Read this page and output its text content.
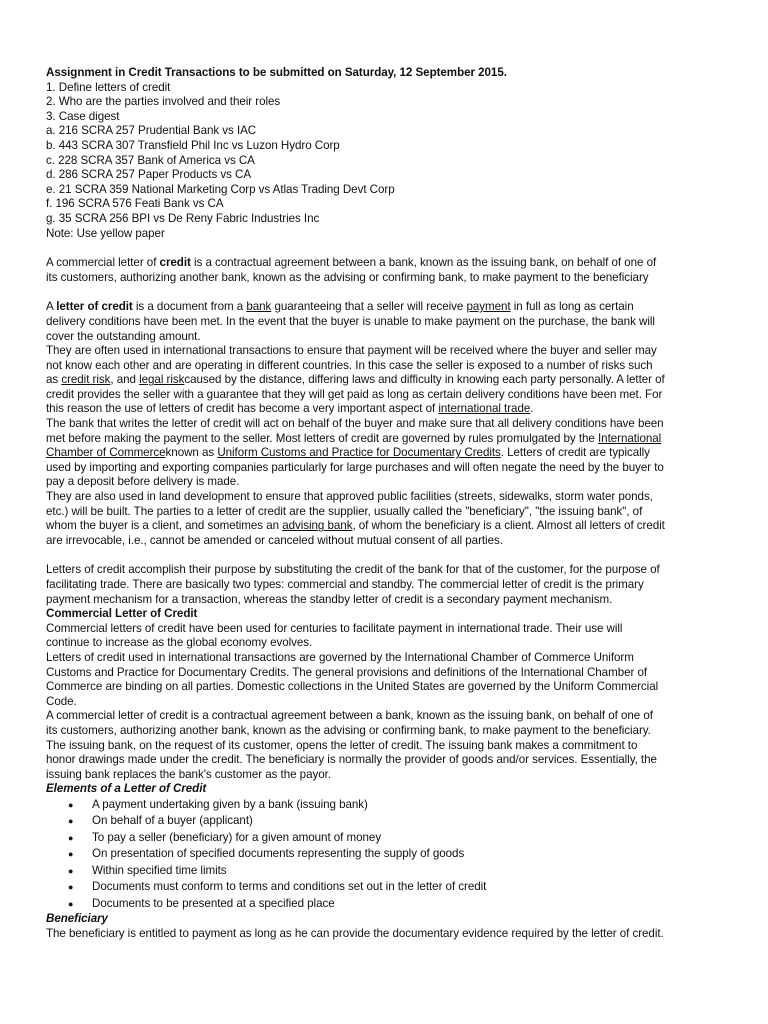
Assignment in Credit Transactions to be submitted on Saturday, 12 September 2015.
1. Define letters of credit
2. Who are the parties involved and their roles
3. Case digest
a. 216 SCRA 257 Prudential Bank vs IAC
b. 443 SCRA 307 Transfield Phil Inc vs Luzon Hydro Corp
c. 228 SCRA 357 Bank of America vs CA
d. 286 SCRA 257 Paper Products vs CA
e. 21 SCRA 359 National Marketing Corp vs Atlas Trading Devt Corp
f. 196 SCRA 576 Feati Bank vs CA
g. 35 SCRA 256 BPI vs De Reny Fabric Industries Inc
Note: Use yellow paper
A commercial letter of credit is a contractual agreement between a bank, known as the issuing bank, on behalf of one of
its customers, authorizing another bank, known as the advising or confirming bank, to make payment to the beneficiary
A letter of credit is a document from a bank guaranteeing that a seller will receive payment in full as long as certain
delivery conditions have been met. In the event that the buyer is unable to make payment on the purchase, the bank will
cover the outstanding amount.
They are often used in international transactions to ensure that payment will be received where the buyer and seller may
not know each other and are operating in different countries. In this case the seller is exposed to a number of risks such
as credit risk, and legal riskcaused by the distance, differing laws and difficulty in knowing each party personally. A letter of
credit provides the seller with a guarantee that they will get paid as long as certain delivery conditions have been met. For
this reason the use of letters of credit has become a very important aspect of international trade.
The bank that writes the letter of credit will act on behalf of the buyer and make sure that all delivery conditions have been
met before making the payment to the seller. Most letters of credit are governed by rules promulgated by the International
Chamber of Commerceknown as Uniform Customs and Practice for Documentary Credits. Letters of credit are typically
used by importing and exporting companies particularly for large purchases and will often negate the need by the buyer to
pay a deposit before delivery is made.
They are also used in land development to ensure that approved public facilities (streets, sidewalks, storm water ponds,
etc.) will be built. The parties to a letter of credit are the supplier, usually called the "beneficiary", "the issuing bank", of
whom the buyer is a client, and sometimes an advising bank, of whom the beneficiary is a client. Almost all letters of credit
are irrevocable, i.e., cannot be amended or canceled without mutual consent of all parties.
Letters of credit accomplish their purpose by substituting the credit of the bank for that of the customer, for the purpose of
facilitating trade. There are basically two types: commercial and standby. The commercial letter of credit is the primary
payment mechanism for a transaction, whereas the standby letter of credit is a secondary payment mechanism.
Commercial Letter of Credit
Commercial letters of credit have been used for centuries to facilitate payment in international trade. Their use will
continue to increase as the global economy evolves.
Letters of credit used in international transactions are governed by the International Chamber of Commerce Uniform
Customs and Practice for Documentary Credits. The general provisions and definitions of the International Chamber of
Commerce are binding on all parties. Domestic collections in the United States are governed by the Uniform Commercial
Code.
A commercial letter of credit is a contractual agreement between a bank, known as the issuing bank, on behalf of one of
its customers, authorizing another bank, known as the advising or confirming bank, to make payment to the beneficiary.
The issuing bank, on the request of its customer, opens the letter of credit. The issuing bank makes a commitment to
honor drawings made under the credit. The beneficiary is normally the provider of goods and/or services. Essentially, the
issuing bank replaces the bank's customer as the payor.
Elements of a Letter of Credit
● A payment undertaking given by a bank (issuing bank)
● On behalf of a buyer (applicant)
● To pay a seller (beneficiary) for a given amount of money
● On presentation of specified documents representing the supply of goods
● Within specified time limits
● Documents must conform to terms and conditions set out in the letter of credit
● Documents to be presented at a specified place
Beneficiary
The beneficiary is entitled to payment as long as he can provide the documentary evidence required by the letter of credit.
